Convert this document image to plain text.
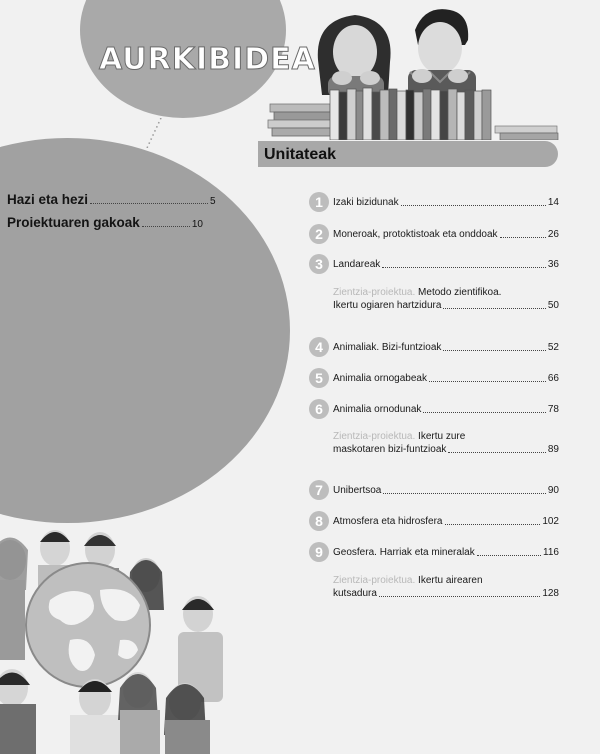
AURKIBIDEA
Unitateak
Hazi eta hezi	5
Proiektuaren gakoak	10
1	Izaki bizidunak	14
2	Moneroak, protoktistoak eta onddoak	26
3	Landareak	36
Zientzia-proiektua. Metodo zientifikoa.
Ikertu ogiaren hartzidura	50
4	Animaliak. Bizi-funtzioak	52
5	Animalia ornogabeak	66
6	Animalia ornodunak	78
Zientzia-proiektua. Ikertu zure
maskotaren bizi-funtzioak	89
7	Unibertsoa	90
8	Atmosfera eta hidrosfera	102
9	Geosfera. Harriak eta mineralak	116
Zientzia-proiektua. Ikertu airearen
kutsadura	128
